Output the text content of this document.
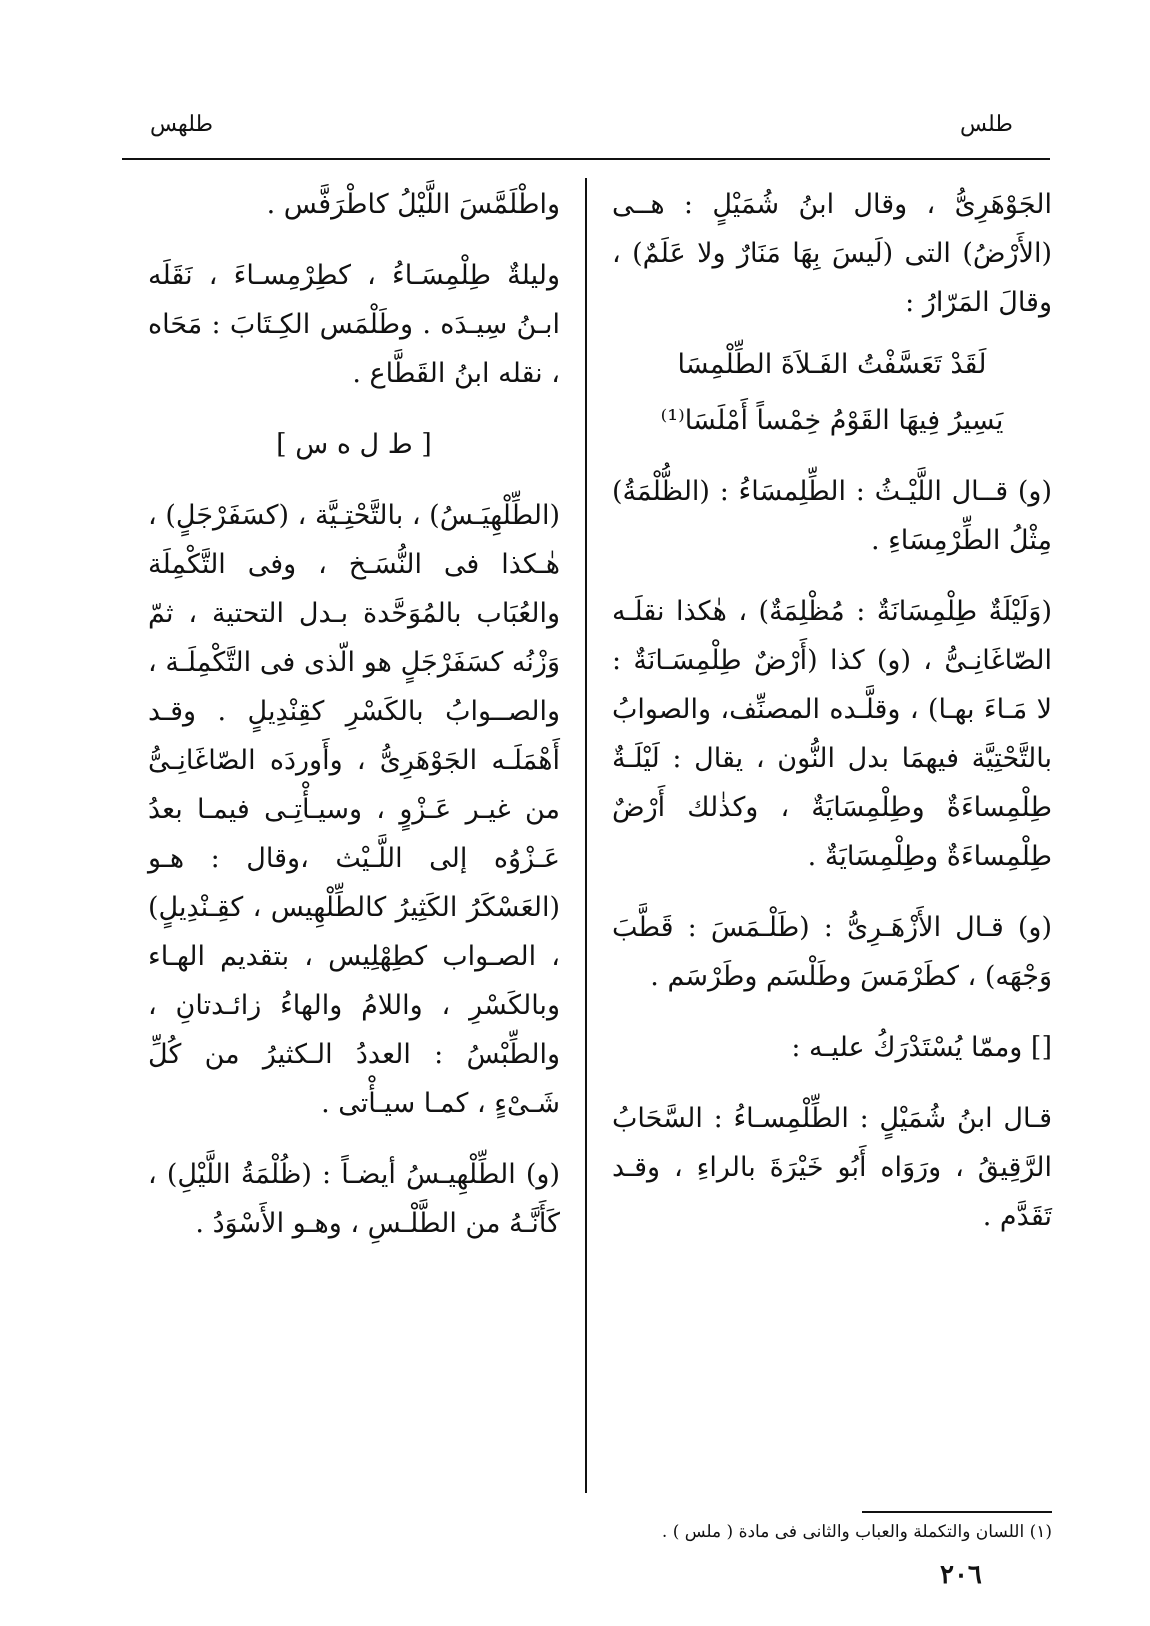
طلس
طلهس

الجَوْهَرِىُّ ، وقال ابنُ شُمَيْلٍ : هــى (الأَرْضُ) التى (لَيسَ بِهَا مَنَارٌ ولا عَلَمٌ) ، وقالَ المَرّارُ :

لَقَدْ تَعَسَّفْتُ الفَـلاَةَ الطِّلْمِسَا
يَسِيرُ فِيهَا القَوْمُ خِمْساً أَمْلَسَا⁽¹⁾

(و) قــال اللَّيْـثُ : الطِّلِمسَاءُ : (الظُّلْمَةُ) مِثْلُ الطِّرْمِسَاءِ .

(وَلَيْلَةٌ طِلْمِسَانَةٌ : مُظْلِمَةٌ) ، هٰكذا نقلَـه الصّاغَانِـىُّ ، (و) كذا (أَرْضٌ طِلْمِسَـانَةٌ : لا مَـاءَ بهـا) ، وقلَّـده المصنِّف، والصوابُ بالتَّحْتِيَّة فيهمَا بدل النُّون ، يقال : لَيْلَـةٌ طِلْمِساءَةٌ وطِلْمِسَايَةٌ ، وكذٰلك أَرْضٌ طِلْمِساءَةٌ وطِلْمِسَايَةٌ .

(و) قـال الأَزْهَـرِىُّ : (طَلْـمَسَ : قَطَّبَ وَجْهَه) ، كطَرْمَسَ وطَلْسَم وطَرْسَم .

[] وممّا يُسْتَدْرَكُ عليـه :

قـال ابنُ شُمَيْلٍ : الطِّلْمِسـاءُ : السَّحَابُ الرَّقِيقُ ، ورَوَاه أَبُو خَيْرَةَ بالراءِ ، وقـد تَقَدَّم .

واطْلَمَّسَ اللَّيْلُ كاطْرَفَّس .

وليلةٌ طِلْمِسَـاءُ ، كطِرْمِسـاءَ ، نَقَلَه ابـنُ سِيـدَه . وطَلْمَس الكِـتَابَ : مَحَاه ، نقله ابنُ القَطَّاع .

[ ط ل ه س ]

(الطِّلْهِيَـسُ) ، بالتَّحْتِـيَّة ، (كسَفَرْجَلٍ) ، هٰـكذا فى النُّسَـخ ، وفى التَّكْمِلَة والعُبَاب بالمُوَحَّدة بـدل التحتية ، ثمّ وَزْنُه كسَفَرْجَلٍ هو الّذى فى التَّكْمِلَـة ، والصــوابُ بالكَسْرِ كقِنْدِيلٍ . وقـد أَهْمَلَـه الجَوْهَرِىُّ ، وأَوردَه الصّاغَانِـىُّ من غيـر عَـزْوٍ ، وسيـأْتِـى فيمـا بعدُ عَـزْوُه إلى اللَّـيْث ،وقال : هـو (العَسْكَرُ الكَثِيرُ كالطِّلْهِيس ، كقِـنْدِيلٍ) ، الصـواب كطِهْلِيس ، بتقديم الهـاء وبالكَسْرِ ، واللامُ والهاءُ زائـدتانِ ، والطِّبْسُ : العددُ الـكثيرُ من كُلِّ شَـىْءٍ ، كمـا سيـأْتى .

(و) الطِّلْهِيـسُ أيضـاً : (ظُلْمَةُ اللَّيْلِ) ، كَأَنَّـهُ من الطَّلْـسِ ، وهـو الأَسْوَدُ .

(١) اللسان والتكملة والعباب والثانى فى مادة ( ملس ) .
٢٠٦
